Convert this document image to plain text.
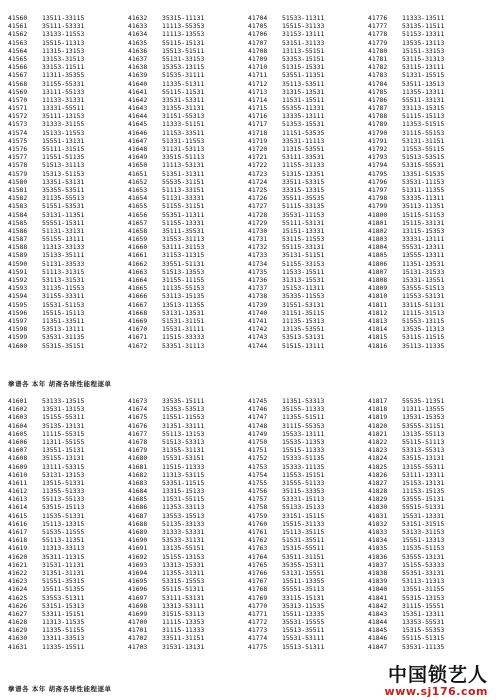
41560	13511-33115	41632	35315-11131	41704	51533-11311	41776	11333-13511
41561	35111-53331	41633	11113-55353	41705	15515-31133	41777	53135-11511
41562	13133-11553	41634	11113-13553	41706	31153-13111	41778	51153-13311
41563	15515-11313	41635	55115-15131	41707	53151-31133	41779	13535-13113
41564	11315-13153	41636	15513-51511	41708	13113-55151	41780	15151-33153
41565	13153-31513	41637	55131-33153	41709	53353-15151	41781	53115-31313
41566	33153-11511	41638	15353-13115	41710	51315-15331	41782	53115-13111
41567	11311-35355	41639	51535-31111	41711	53551-11351	41783	51331-15515
41568	31155-55331	41640	11335-51311	41712	35113-53511	41784	53511-13513
41569	13111-55133	41641	55115-11531	41713	31315-13531	41785	11355-13311
41570	11133-31331	41642	33531-53311	41714	11531-15511	41786	55511-33131
41571	13331-55511	41643	31355-31131	41715	55355-11331	41787	33113-15315
41572	35111-13153	41644	31151-55313	41716	13335-13111	41788	51115-15113
41573	31333-31155	41645	11333-51151	41717	51353-15531	41789	11353-51515
41574	15133-11553	41646	11153-33511	41718	11151-53535	41790	31115-55153
41575	15551-13131	41647	51331-11553	41719	33531-11113	41791	53131-31151
41576	55111-31515	41648	31131-53113	41720	11315-53551	41792	11553-55115
41577	11551-51135	41649	33515-51113	41721	53111-33531	41793	51513-53515
41578	51513-31113	41650	11113-53131	41722	11155-31133	41794	53315-55531
41579	15313-51153	41651	51351-31311	41723	51315-13351	41795	13351-51535
41580	13351-53131	41652	55535-31151	41724	33511-53315	41796	53531-11153
41581	35355-53511	41653	51113-33151	41725	33315-13315	41797	51311-11355
41582	31135-55513	41654	51131-33331	41726	35511-35535	41798	53335-11311
41583	51551-53531	41655	51155-31151	41727	51115-33135	41799	35113-11351
41584	53131-11351	41656	55351-11311	41728	35531-11153	41800	15115-51153
41585	55551-15311	41657	51155-13331	41729	55111-53131	41801	15115-33131
41586	51131-33131	41658	35111-35531	41730	15151-13331	41802	13115-15353
41587	55155-13111	41659	31553-31113	41731	53115-11553	41803	33331-13111
41588	11313-33133	41660	53111-31153	41732	55115-33131	41804	55531-13311
41589	15133-35111	41661	31153-11315	41733	35131-51151	41805	13555-13311
41590	51131-33533	41662	33551-51131	41734	51155-33153	41806	11351-13531
41591	51113-31315	41663	51513-13553	41735	11533-15511	41807	15131-31533
41592	53113-31531	41664	31155-11155	41736	31313-15531	41808	15331-13551
41593	31135-11553	41665	11135-55153	41737	15153-11311	41809	53555-51513
41594	31155-33311	41666	53113-15135	41738	35335-11553	41810	11553-53131
41595	15531-51153	41667	13513-11355	41739	31551-53131	41811	33115-51131
41596	15515-15113	41668	53131-13531	41740	31151-35115	41812	11115-31513
41597	11351-33511	41669	51531-31151	41741	11135-15313	41813	51553-13115
41598	53513-13111	41670	15531-31111	41742	13135-53551	41814	13535-11313
41599	53531-31135	41671	11515-33333	41743	53513-53131	41815	53115-11515
41600	55315-35151	41672	53351-31113	41744	51515-13111	41816	35113-11335
拳谱各 本年 胡斋各球性能程逐单
41601	53133-13515	41673	33535-15111	41745	11351-53313	41817	55535-11351
41602	13531-13153	41674	15353-53513	41746	35155-11333	41818	11311-13555
41603	15155-55311	41675	11551-11553	41747	11355-51511	41819	13531-15353
41604	35135-13131	41676	31351-33111	41748	31115-55353	41820	53555-31151
41605	11115-55315	41677	55113-13153	41749	15533-13111	41821	13135-55113
41606	11311-55155	41678	51513-53313	41750	15535-11353	41822	55115-51113
41607	13551-15131	41679	31355-31131	41751	15515-11333	41823	53313-55313
41608	35155-13131	41680	15531-53151	41752	15333-51135	41824	53515-13131
41609	13111-53315	41681	11515-11333	41753	15333-11135	41825	13155-55311
41610	53131-13153	41682	11313-53115	41754	11553-15151	41826	53111-13311
41611	13515-51331	41683	53351-11515	41755	31555-51133	41827	15153-13131
41612	11355-51333	41684	13315-15133	41756	35115-33353	41828	11153-15135
41613	55113-55133	41685	11531-55115	41757	53331-15113	41829	53555-15131
41614	53515-15113	41686	11353-33113	41758	55133-15133	41830	55515-51331
41615	11535-51331	41687	13553-15513	41759	33151-15115	41831	15531-13331
41616	15113-13315	41688	51135-33133	41760	15515-31133	41832	53151-31515
41617	51535-11555	41689	31333-53331	41761	15113-35115	41833	53133-31153
41618	55113-11351	41690	53533-31131	41762	51531-35511	41834	15551-13313
41619	11313-33113	41691	13135-55151	41763	15315-55511	41835	11535-51153
41620	35311-11315	41692	15155-13153	41764	53511-31151	41836	53555-13131
41621	31531-11131	41693	13313-15331	41765	35355-15311	41837	15155-53333
41622	31351-31131	41694	11355-31311	41766	53131-15551	41838	55351-33131
41623	51551-35315	41695	53315-15553	41767	15511-13355	41839	53113-11313
41624	15511-51355	41696	55115-51311	41768	55551-35113	41840	13551-31155
41625	53553-51311	41697	53111-53131	41769	33115-15131	41841	55315-13153
41626	53151-15313	41698	13313-53111	41770	35313-11535	41842	31115-15551
41627	53311-15151	41699	31515-53113	41771	15511-13335	41843	15351-13311
41628	11313-11535	41700	11115-13353	41772	35531-15555	41844	13353-55531
41629	11335-51155	41701	31115-11333	41773	15513-35511	41845	15315-55353
41630	13311-33513	41702	33511-31151	41774	15531-53111	41846	55115-51315
41631	11335-15511	41703	31531-13131	41775	15513-51311	41847	53531-11135
拳谱各 本年 胡斋各球性能程逐单
中国锁艺人
www.sj176.com
